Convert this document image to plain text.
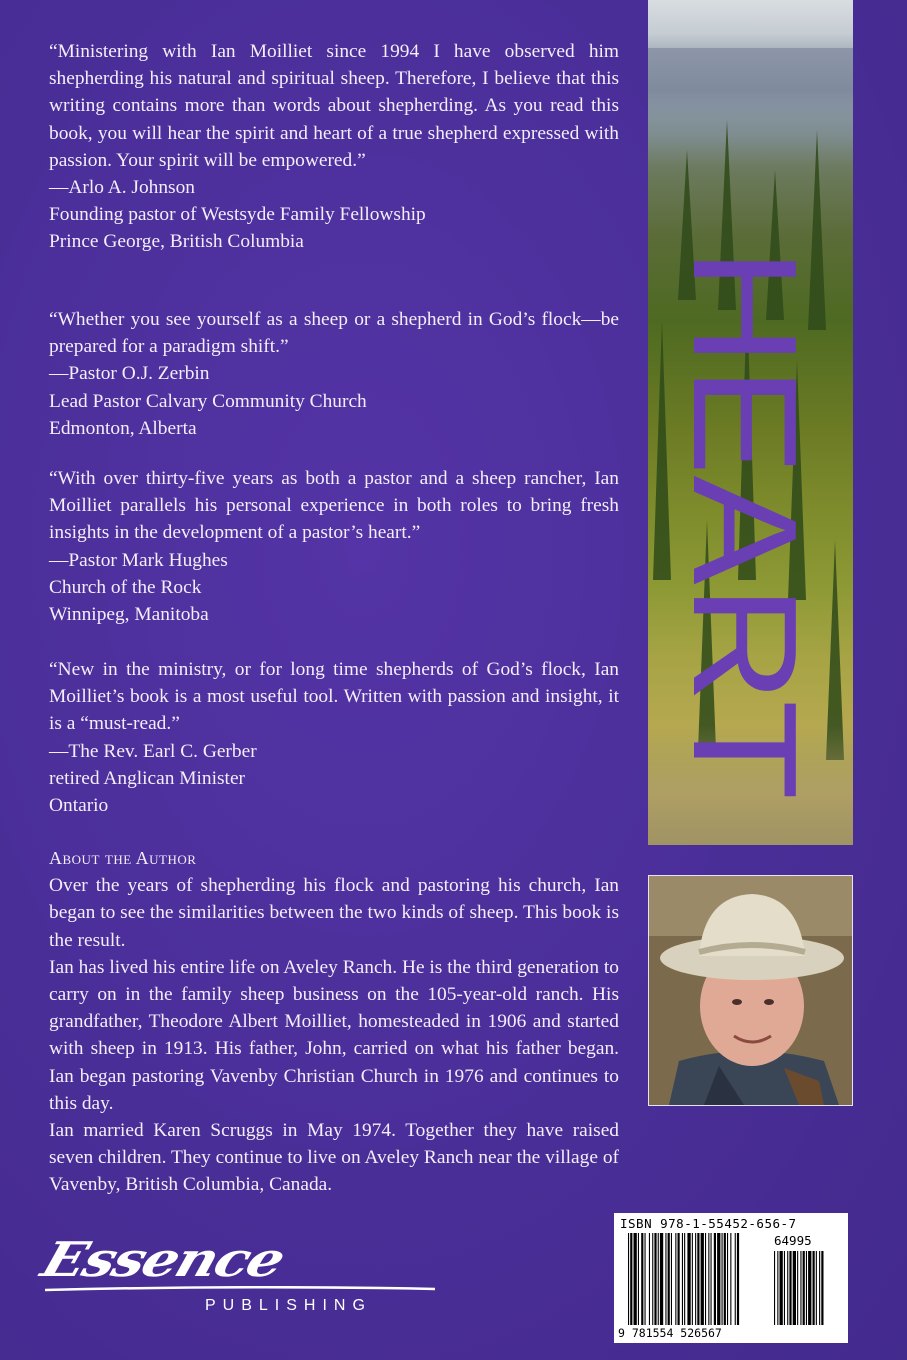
“Ministering with Ian Moilliet since 1994 I have observed him shepherding his natural and spiritual sheep. Therefore, I believe that this writing contains more than words about shepherding. As you read this book, you will hear the spirit and heart of a true shepherd expressed with passion. Your spirit will be empowered.”

—Arlo A. Johnson

Founding pastor of Westsyde Family Fellowship

Prince George, British Columbia

“Whether you see yourself as a sheep or a shepherd in God’s flock—be prepared for a paradigm shift.”

—Pastor O.J. Zerbin

Lead Pastor Calvary Community Church

Edmonton, Alberta

“With over thirty-five years as both a pastor and a sheep rancher, Ian Moilliet parallels his personal experience in both roles to bring fresh insights in the development of a pastor’s heart.”

—Pastor Mark Hughes

Church of the Rock

Winnipeg, Manitoba

“New in the ministry, or for long time shepherds of God’s flock, Ian Moilliet’s book is a most useful tool. Written with passion and insight, it is a “must-read.”

—The Rev. Earl C. Gerber

retired Anglican Minister

Ontario

About the Author

Over the years of shepherding his flock and pastoring his church, Ian began to see the similarities between the two kinds of sheep. This book is the result.

Ian has lived his entire life on Aveley Ranch. He is the third generation to carry on in the family sheep business on the 105-year-old ranch. His grandfather, Theodore Albert Moilliet, homesteaded in 1906 and started with sheep in 1913. His father, John, carried on what his father began. Ian began pastoring Vavenby Christian Church in 1976 and continues to this day.

Ian married Karen Scruggs in May 1974. Together they have raised seven children. They continue to live on Aveley Ranch near the village of Vavenby, British Columbia, Canada.

HEART
ISBN 978-1-55452-656-7
64995
9 781554 526567
Essence
PUBLISHING
